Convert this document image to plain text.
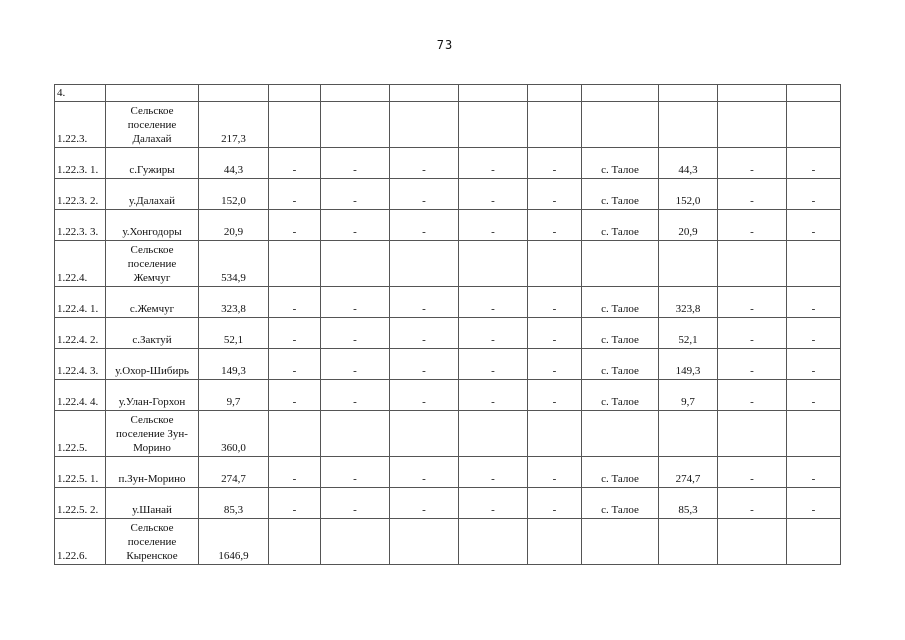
73
4.											
1.22.3.	Сельское поселение Далахай	217,3									
1.22.3. 1.	с.Гужиры	44,3	-	-	-	-	-	с. Талое	44,3	-	-
1.22.3. 2.	у.Далахай	152,0	-	-	-	-	-	с. Талое	152,0	-	-
1.22.3. 3.	у.Хонгодоры	20,9	-	-	-	-	-	с. Талое	20,9	-	-
1.22.4.	Сельское поселение Жемчуг	534,9									
1.22.4. 1.	с.Жемчуг	323,8	-	-	-	-	-	с. Талое	323,8	-	-
1.22.4. 2.	с.Зактуй	52,1	-	-	-	-	-	с. Талое	52,1	-	-
1.22.4. 3.	у.Охор-Шибирь	149,3	-	-	-	-	-	с. Талое	149,3	-	-
1.22.4. 4.	у.Улан-Горхон	9,7	-	-	-	-	-	с. Талое	9,7	-	-
1.22.5.	Сельское поселение Зун-Морино	360,0									
1.22.5. 1.	п.Зун-Морино	274,7	-	-	-	-	-	с. Талое	274,7	-	-
1.22.5. 2.	у.Шанай	85,3	-	-	-	-	-	с. Талое	85,3	-	-
1.22.6.	Сельское поселение Кыренское	1646,9									
